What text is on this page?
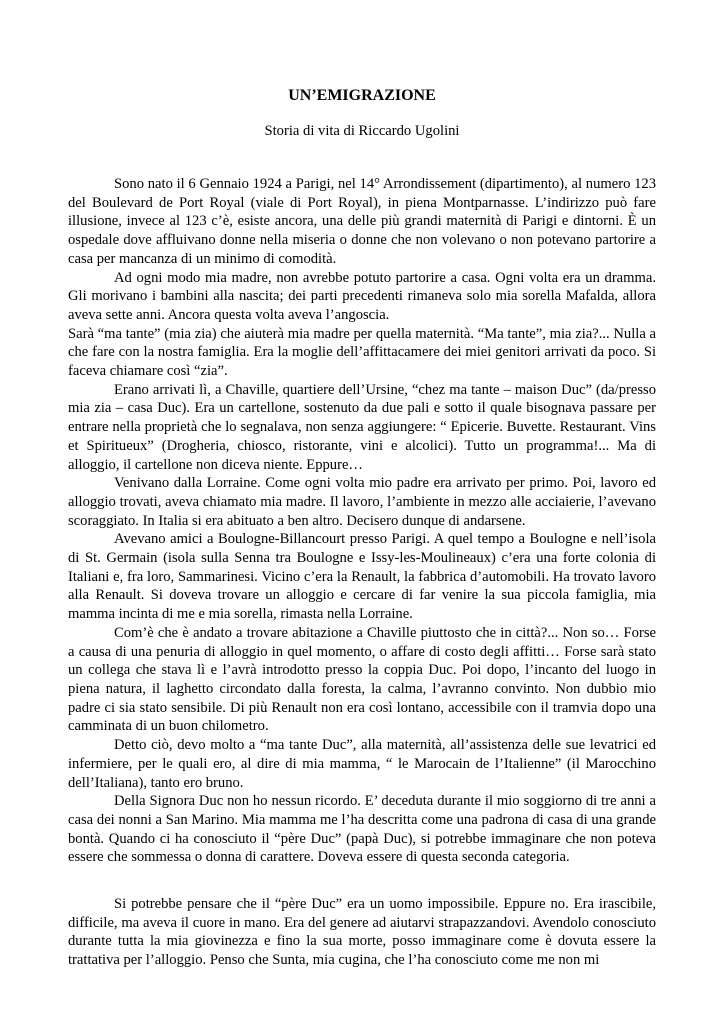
UN’EMIGRAZIONE
Storia di vita di Riccardo Ugolini

Sono nato il 6 Gennaio 1924 a Parigi, nel 14° Arrondissement (dipartimento), al numero 123 del Boulevard de Port Royal (viale di Port Royal), in piena Montparnasse. L’indirizzo può fare illusione, invece al 123 c’è, esiste ancora, una delle più grandi maternità di Parigi e dintorni. È un ospedale dove affluivano donne nella miseria o donne che non volevano o non potevano partorire a casa per mancanza di un minimo di comodità.

Ad ogni modo mia madre, non avrebbe potuto partorire a casa. Ogni volta era un dramma. Gli morivano i bambini alla nascita; dei parti precedenti rimaneva solo mia sorella Mafalda, allora aveva sette anni. Ancora questa volta aveva l’angoscia.

Sarà “ma tante” (mia zia) che aiuterà mia madre per quella maternità. “Ma tante”, mia zia?... Nulla a che fare con la nostra famiglia. Era la moglie dell’affittacamere dei miei genitori arrivati da poco. Si faceva chiamare così “zia”.

Erano arrivati lì, a Chaville, quartiere dell’Ursine, “chez ma tante – maison Duc” (da/presso mia zia – casa Duc). Era un cartellone, sostenuto da due pali e sotto il quale bisognava passare per entrare nella proprietà che lo segnalava, non senza aggiungere: “ Epicerie. Buvette. Restaurant. Vins et Spiritueux” (Drogheria, chiosco, ristorante, vini e alcolici). Tutto un programma!... Ma di alloggio, il cartellone non diceva niente. Eppure…

Venivano dalla Lorraine. Come ogni volta mio padre era arrivato per primo. Poi, lavoro ed alloggio trovati, aveva chiamato mia madre. Il lavoro, l’ambiente in mezzo alle acciaierie, l’avevano scoraggiato. In Italia si era abituato a ben altro. Decisero dunque di andarsene.

Avevano amici a Boulogne-Billancourt presso Parigi. A quel tempo a Boulogne e nell’isola di St. Germain (isola sulla Senna tra Boulogne e Issy-les-Moulineaux) c’era una forte colonia di Italiani e, fra loro, Sammarinesi. Vicino c’era la Renault, la fabbrica d’automobili. Ha trovato lavoro alla Renault. Si doveva trovare un alloggio e cercare di far venire la sua piccola famiglia, mia mamma incinta di me e mia sorella, rimasta nella Lorraine.

Com’è che è andato a trovare abitazione a Chaville piuttosto che in città?... Non so… Forse a causa di una penuria di alloggio in quel momento, o affare di costo degli affitti… Forse sarà stato un collega che stava lì e l’avrà introdotto presso la coppia Duc. Poi dopo, l’incanto del luogo in piena natura, il laghetto circondato dalla foresta, la calma, l’avranno convinto. Non dubbio mio padre ci sia stato sensibile. Di più Renault non era così lontano, accessibile con il tramvia dopo una camminata di un buon chilometro.

Detto ciò, devo molto a “ma tante Duc”, alla maternità, all’assistenza delle sue levatrici ed infermiere, per le quali ero, al dire di mia mamma, “ le Marocain de l’Italienne” (il Marocchino dell’Italiana), tanto ero bruno.

Della Signora Duc non ho nessun ricordo. E’ deceduta durante il mio soggiorno di tre anni a casa dei nonni a San Marino. Mia mamma me l’ha descritta come una padrona di casa di una grande bontà. Quando ci ha conosciuto il “père Duc” (papà Duc), si potrebbe immaginare che non poteva essere che sommessa o donna di carattere. Doveva essere di questa seconda categoria.

Si potrebbe pensare che il “père Duc” era un uomo impossibile. Eppure no. Era irascibile, difficile, ma aveva il cuore in mano. Era del genere ad aiutarvi strapazzandovi. Avendolo conosciuto durante tutta la mia giovinezza e fino la sua morte, posso immaginare come è dovuta essere la trattativa per l’alloggio. Penso che Sunta, mia cugina, che l’ha conosciuto come me non mi
